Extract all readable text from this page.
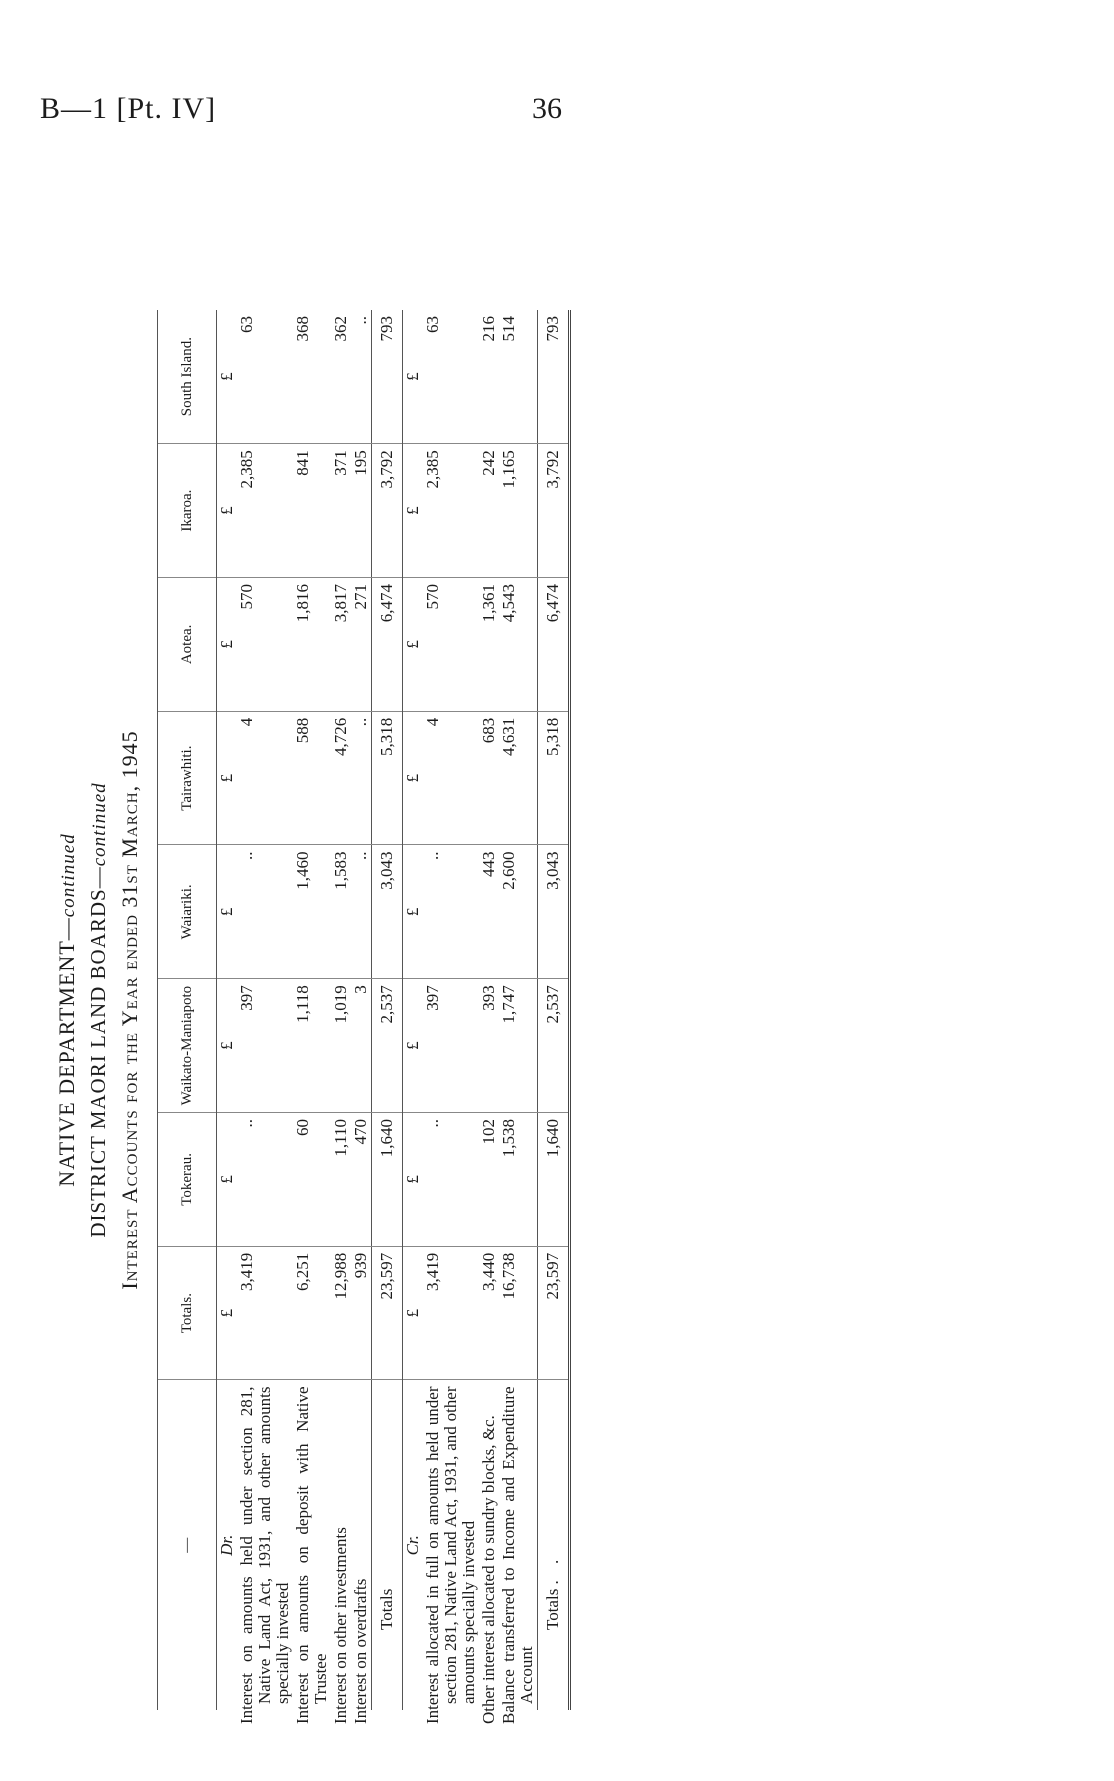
B—1 [Pt. IV]	36
NATIVE DEPARTMENT—continued DISTRICT MAORI LAND BOARDS—continued Interest Accounts for the Year ended 31st March, 1945
—	Totals.	Tokerau.	Waikato-Maniapoto	Waiariki.	Tairawhiti.	Aotea.	Ikaroa.	South Island.
Dr.	£	£	£	£	£	£	£	£

Interest on amounts held under section 281, Native Land Act, 1931, and other amounts specially invested	3,419	..	397	..	4	570	2,385	63
Interest on amounts on deposit with Native Trustee	6,251	60	1,118	1,460	588	1,816	841	368
Interest on other investments	12,988	1,110	1,019	1,583	4,726	3,817	371	362
Interest on overdrafts	939	470	3	..	..	271	195	..
Totals	23,597	1,640	2,537	3,043	5,318	6,474	3,792	793
Cr.	£	£	£	£	£	£	£	£

Interest allocated in full on amounts held under section 281, Native Land Act, 1931, and other amounts specially invested	3,419	..	397	..	4	570	2,385	63
Other interest allocated to sundry blocks, &c.	3,440	102	393	443	683	1,361	242	216
Balance transferred to Income and Expenditure Account	16,738	1,538	1,747	2,600	4,631	4,543	1,165	514
Totals . .	23,597	1,640	2,537	3,043	5,318	6,474	3,792	793
